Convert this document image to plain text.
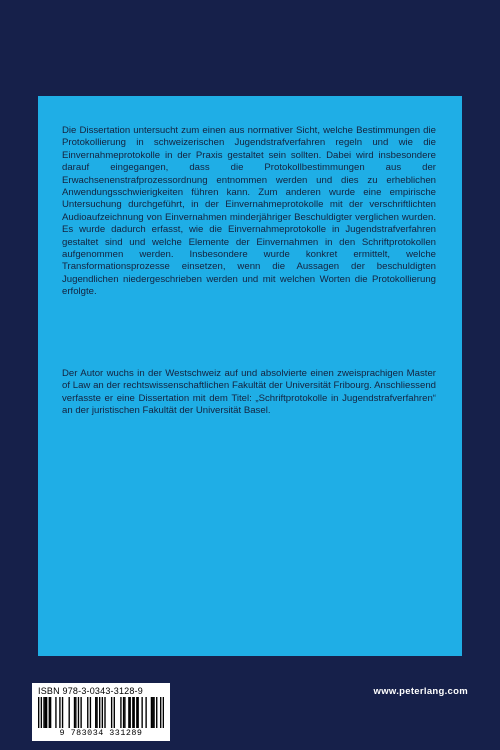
Die Dissertation untersucht zum einen aus normativer Sicht, welche Bestimmungen die Protokollierung in schweizerischen Jugendstrafverfahren regeln und wie die Einvernahmeprotokolle in der Praxis gestaltet sein sollten. Dabei wird insbesondere darauf eingegangen, dass die Protokollbestimmungen aus der Erwachsenenstrafprozessordnung entnommen werden und dies zu erheblichen Anwendungsschwierigkeiten führen kann. Zum anderen wurde eine empirische Untersuchung durchgeführt, in der Einvernahmeprotokolle mit der verschriftlichten Audioaufzeichnung von Einvernahmen minderjähriger Beschuldigter verglichen wurden. Es wurde dadurch erfasst, wie die Einvernahmeprotokolle in Jugendstrafverfahren gestaltet sind und welche Elemente der Einvernahmen in den Schriftprotokollen aufgenommen werden. Insbesondere wurde konkret ermittelt, welche Transformationsprozesse einsetzen, wenn die Aussagen der beschuldigten Jugendlichen niedergeschrieben werden und mit welchen Worten die Protokollierung erfolgte.

Der Autor wuchs in der Westschweiz auf und absolvierte einen zweisprachigen Master of Law an der rechtswissenschaftlichen Fakultät der Universität Fribourg. Anschliessend verfasste er eine Dissertation mit dem Titel: „Schriftprotokolle in Jugendstrafverfahren“ an der juristischen Fakultät der Universität Basel.

ISBN 978-3-0343-3128-9
9 783034 331289
www.peterlang.com
